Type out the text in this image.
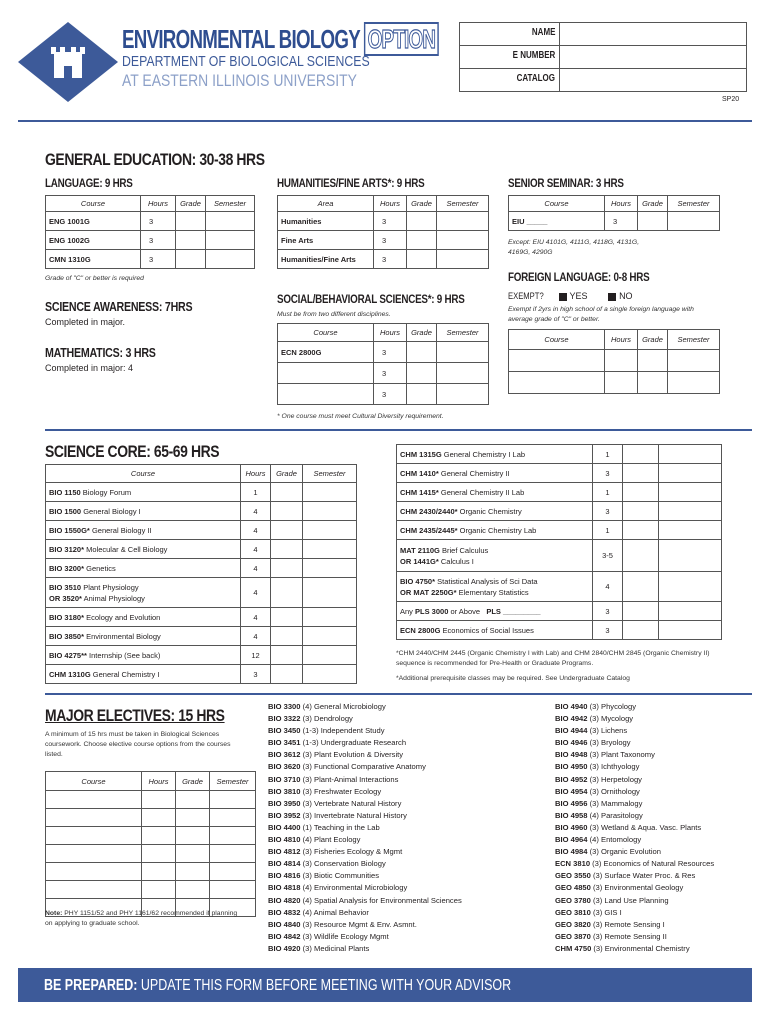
ENVIRONMENTAL BIOLOGY OPTION
DEPARTMENT OF BIOLOGICAL SCIENCES
AT EASTERN ILLINOIS UNIVERSITY
NAME
E NUMBER
CATALOG
SP20
GENERAL EDUCATION: 30-38 HRS
LANGUAGE: 9 HRS
Course	Hours	Grade	Semester
ENG 1001G	3		
ENG 1002G	3		
CMN 1310G	3		
Grade of "C" or better is required
SCIENCE AWARENESS: 7HRS
Completed in major.
MATHEMATICS: 3 HRS
Completed in major: 4
HUMANITIES/FINE ARTS*: 9 HRS
Area	Hours	Grade	Semester
Humanities	3		
Fine Arts	3		
Humanities/Fine Arts	3		
SOCIAL/BEHAVIORAL SCIENCES*: 9 HRS
Must be from two different disciplines.
Course	Hours	Grade	Semester
ECN 2800G	3		
	3		
	3		
* One course must meet Cultural Diversity requirement.
SENIOR SEMINAR: 3 HRS
Course	Hours	Grade	Semester
EIU _____	3		
Except: EIU 4101G, 4111G, 4118G, 4131G, 4169G, 4290G
FOREIGN LANGUAGE: 0-8 HRS
EXEMPT?	YES	NO
Exempt if 2yrs in high school of a single foreign language with average grade of "C" or better.
Course	Hours	Grade	Semester

SCIENCE CORE: 65-69 HRS
Course	Hours	Grade	Semester
BIO 1150 Biology Forum	1		
BIO 1500 General Biology I	4		
BIO 1550G* General Biology II	4		
BIO 3120* Molecular & Cell Biology	4		
BIO 3200* Genetics	4		
BIO 3510 Plant Physiology
OR 3520* Animal Physiology	4		
BIO 3180* Ecology and Evolution	4		
BIO 3850* Environmental Biology	4		
BIO 4275** Internship (See back)	12		
CHM 1310G General Chemistry I	3		
CHM 1315G General Chemistry I Lab	1		
CHM 1410* General Chemistry II	3		
CHM 1415* General Chemistry II Lab	1		
CHM 2430/2440* Organic Chemistry	3		
CHM 2435/2445* Organic Chemistry Lab	1		
MAT 2110G Brief Calculus
OR 1441G* Calculus I	3-5		
BIO 4750* Statistical Analysis of Sci Data
OR MAT 2250G* Elementary Statistics	4		
Any PLS 3000 or Above PLS _________	3		
ECN 2800G Economics of Social Issues	3		
*CHM 2440/CHM 2445 (Organic Chemistry I with Lab) and CHM 2840/CHM 2845 (Organic Chemistry II) sequence is recommended for Pre-Health or Graduate Programs.
*Additional prerequisite classes may be required. See Undergraduate Catalog
MAJOR ELECTIVES: 15 HRS
A minimum of 15 hrs must be taken in Biological Sciences coursework. Choose elective course options from the courses listed.
Course	Hours	Grade	Semester

Note: PHY 1151/52 and PHY 1161/62 recommended if planning on applying to graduate school.
BIO 3300 (4) General Microbiology
BIO 3322 (3) Dendrology
BIO 3450 (1-3) Independent Study
BIO 3451 (1-3) Undergraduate Research
BIO 3612 (3) Plant Evolution & Diversity
BIO 3620 (3) Functional Comparative Anatomy
BIO 3710 (3) Plant-Animal Interactions
BIO 3810 (3) Freshwater Ecology
BIO 3950 (3) Vertebrate Natural History
BIO 3952 (3) Invertebrate Natural History
BIO 4400 (1) Teaching in the Lab
BIO 4810 (4) Plant Ecology
BIO 4812 (3) Fisheries Ecology & Mgmt
BIO 4814 (3) Conservation Biology
BIO 4816 (3) Biotic Communities
BIO 4818 (4) Environmental Microbiology
BIO 4820 (4) Spatial Analysis for Environmental Sciences
BIO 4832 (4) Animal Behavior
BIO 4840 (3) Resource Mgmt & Env. Asmnt.
BIO 4842 (3) Wildlife Ecology Mgmt
BIO 4920 (3) Medicinal Plants
BIO 4940 (3) Phycology
BIO 4942 (3) Mycology
BIO 4944 (3) Lichens
BIO 4946 (3) Bryology
BIO 4948 (3) Plant Taxonomy
BIO 4950 (3) Ichthyology
BIO 4952 (3) Herpetology
BIO 4954 (3) Ornithology
BIO 4956 (3) Mammalogy
BIO 4958 (4) Parasitology
BIO 4960 (3) Wetland & Aqua. Vasc. Plants
BIO 4964 (4) Entomology
BIO 4984 (3) Organic Evolution
ECN 3810 (3) Economics of Natural Resources
GEO 3550 (3) Surface Water Proc. & Res
GEO 4850 (3) Environmental Geology
GEO 3780 (3) Land Use Planning
GEO 3810 (3) GIS I
GEO 3820 (3) Remote Sensing I
GEO 3870 (3) Remote Sensing II
CHM 4750 (3) Environmental Chemistry
BE PREPARED: UPDATE THIS FORM BEFORE MEETING WITH YOUR ADVISOR
